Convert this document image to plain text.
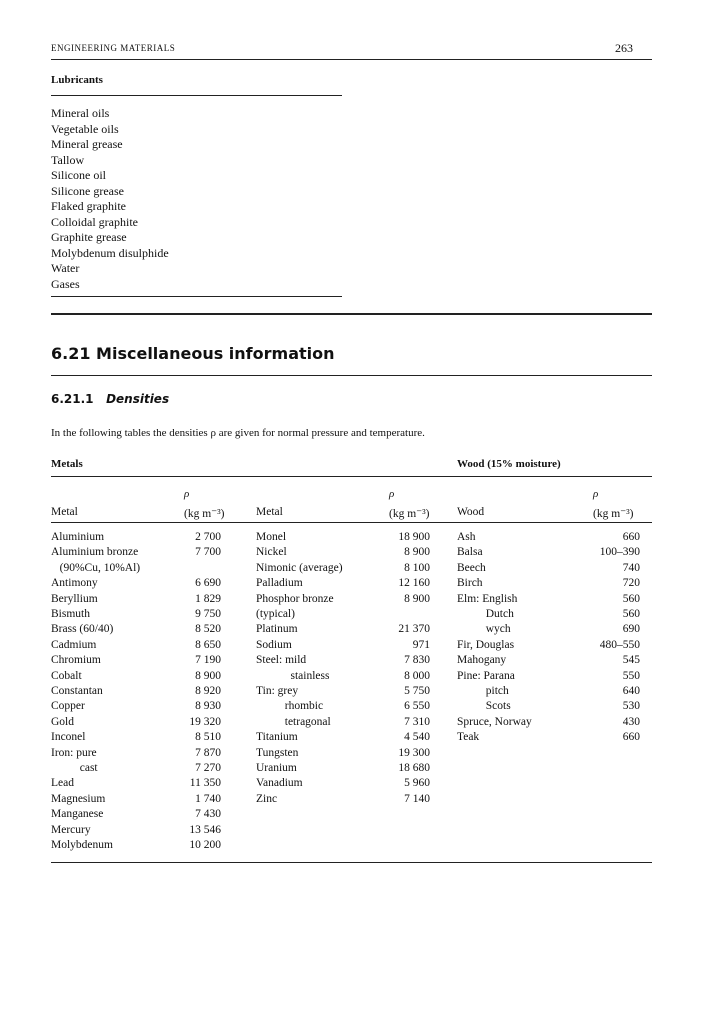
ENGINEERING MATERIALS	263
Lubricants
Mineral oils
Vegetable oils
Mineral grease
Tallow
Silicone oil
Silicone grease
Flaked graphite
Colloidal graphite
Graphite grease
Molybdenum disulphide
Water
Gases
6.21 Miscellaneous information
6.21.1 Densities
In the following tables the densities ρ are given for normal pressure and temperature.
Metals	Wood (15% moisture)
ρ
Metal	(kg m⁻³)
ρ
Metal	(kg m⁻³)
ρ
Wood	(kg m⁻³)
Aluminium	2 700
Aluminium bronze	7 700
(90%Cu, 10%Al)
Antimony	6 690
Beryllium	1 829
Bismuth	9 750
Brass (60/40)	8 520
Cadmium	8 650
Chromium	7 190
Cobalt	8 900
Constantan	8 920
Copper	8 930
Gold	19 320
Inconel	8 510
Iron: pure	7 870
cast	7 270
Lead	11 350
Magnesium	1 740
Manganese	7 430
Mercury	13 546
Molybdenum	10 200
Monel	18 900
Nickel	8 900
Nimonic (average)	8 100
Palladium	12 160
Phosphor bronze	8 900
(typical)
Platinum	21 370
Sodium	971
Steel: mild	7 830
stainless	8 000
Tin: grey	5 750
rhombic	6 550
tetragonal	7 310
Titanium	4 540
Tungsten	19 300
Uranium	18 680
Vanadium	5 960
Zinc	7 140
Ash	660
Balsa	100–390
Beech	740
Birch	720
Elm: English	560
Dutch	560
wych	690
Fir, Douglas	480–550
Mahogany	545
Pine: Parana	550
pitch	640
Scots	530
Spruce, Norway	430
Teak	660
